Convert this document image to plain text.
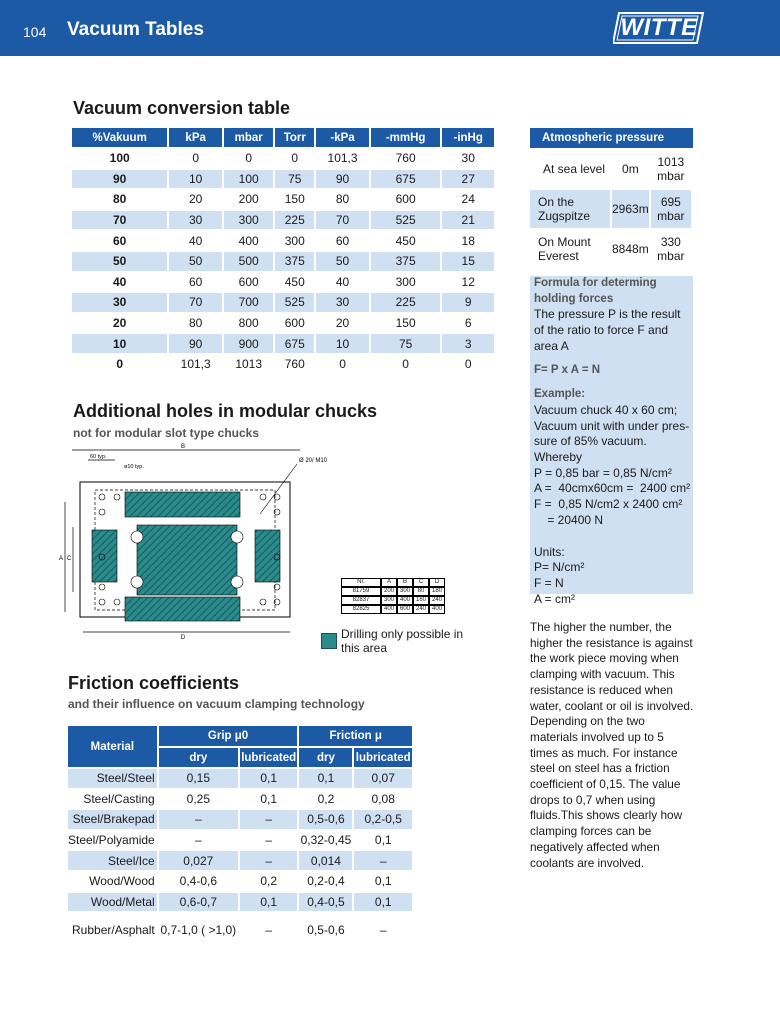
104 Vacuum Tables	WITTE
Vacuum conversion table
%Vakuum	kPa	mbar	Torr	-kPa	-mmHg	-inHg
100	0	0	0	101,3	760	30
90	10	100	75	90	675	27
80	20	200	150	80	600	24
70	30	300	225	70	525	21
60	40	400	300	60	450	18
50	50	500	375	50	375	15
40	60	600	450	40	300	12
30	70	700	525	30	225	9
20	80	800	600	20	150	6
10	90	900	675	10	75	3
0	101,3	1013	760	0	0	0
Atmospheric pressure
At sea level	0m	1013 mbar
On the Zugspitze	2963m	695 mbar
On Mount Everest	8848m	330 mbar

Formula for determing holding forces

The pressure P is the result of the ratio to force F and area A

F= P x A = N

Example:

Vacuum chuck 40 x 60 cm;

Vacuum unit with under pres-

sure of 85% vacuum.

Whereby

P = 0,85 bar = 0,85 N/cm²

A =  40cmx60cm =  2400 cm²

F =  0,85 N/cm2 x 2400 cm²

= 20400 N

Units:

P= N/cm²

F = N

A = cm²

The higher the number, the higher the resistance is against the work piece moving when clamping with vacuum. This resistance is reduced when water, coolant or oil is involved. Depending on the two materials involved up to 5 times as much. For instance steel on steel has a friction coefficient of 0,15. The value drops to 0,7 when using fluids.This shows clearly how clamping forces can be negatively affected when coolants are involved.
Additional holes in modular chucks
not for modular slot type chucks
B
60 typ.
ø10 typ.
Ø 20/ M10
A C
D
Nr.	A	B	C	D
81759	200	300	80	180
82837	300	400	160	240
82825	400	600	240	400
Drilling only possible in this area
Friction coefficients
and their influence on vacuum clamping technology
Material	Grip μ0		Friction μ	
	dry	lubricated	dry	lubricated
Steel/Steel	0,15	0,1	0,1	0,07
Steel/Casting	0,25	0,1	0,2	0,08
Steel/Brakepad	–	–	0,5-0,6	0,2-0,5
Steel/Polyamide	–	–	0,32-0,45	0,1
Steel/Ice	0,027	–	0,014	–
Wood/Wood	0,4-0,6	0,2	0,2-0,4	0,1
Wood/Metal	0,6-0,7	0,1	0,4-0,5	0,1
Rubber/Asphalt	0,7-1,0 ( >1,0)	–	0,5-0,6	–
